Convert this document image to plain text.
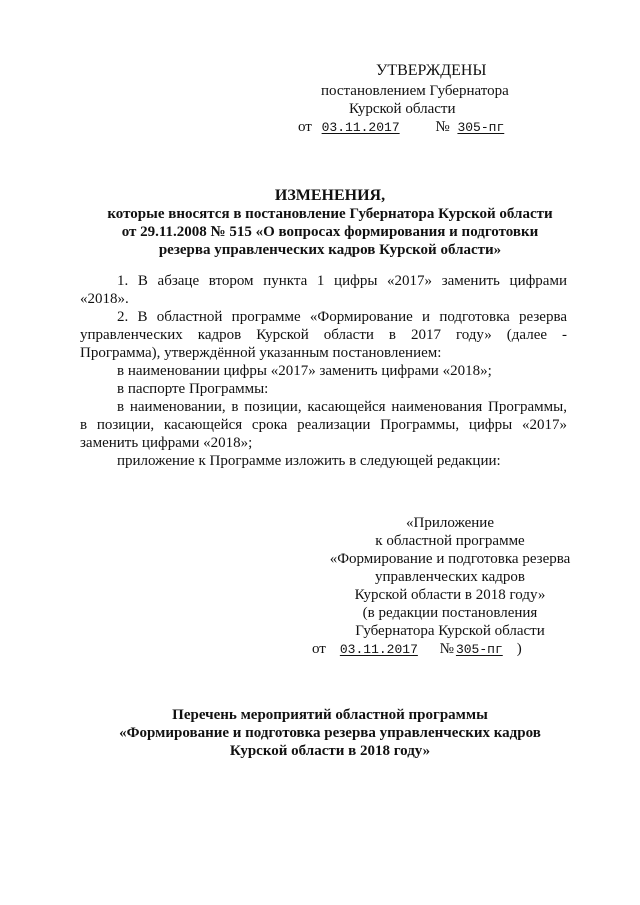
УТВЕРЖДЕНЫ
постановлением Губернатора
Курской области
от 03.11.2017 № 305-пг
ИЗМЕНЕНИЯ,
которые вносятся в постановление Губернатора Курской области
от 29.11.2008 № 515 «О вопросах формирования и подготовки
резерва управленческих кадров Курской области»
1. В абзаце втором пункта 1 цифры «2017» заменить цифрами
«2018».
2. В областной программе «Формирование и подготовка резерва
управленческих кадров Курской области в 2017 году» (далее -
Программа), утверждённой указанным постановлением:
в наименовании цифры «2017» заменить цифрами «2018»;
в паспорте Программы:
в наименовании, в позиции, касающейся наименования Программы,
в позиции, касающейся срока реализации Программы, цифры «2017»
заменить цифрами «2018»;
приложение к Программе изложить в следующей редакции:
«Приложение
к областной программе
«Формирование и подготовка резерва
управленческих кадров
Курской области в 2018 году»
(в редакции постановления
Губернатора Курской области
от 03.11.2017 № 305-пг )
Перечень мероприятий областной программы
«Формирование и подготовка резерва управленческих кадров
Курской области в 2018 году»
